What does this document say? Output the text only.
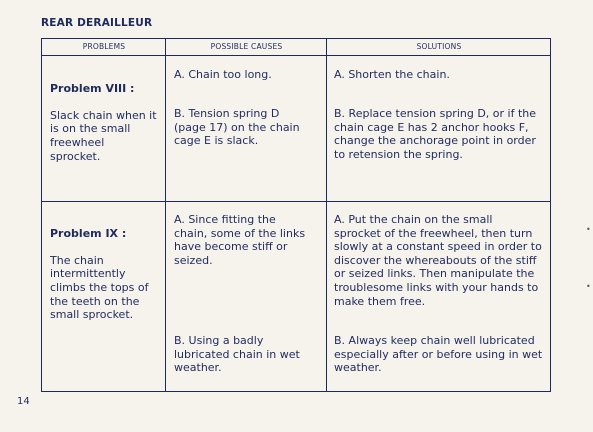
REAR DERAILLEUR
PROBLEMS	POSSIBLE CAUSES	SOLUTIONS

Problem VIII :

Slack chain when it
is on the small
freewheel
sprocket.

A. Chain too long.
B. Tension spring D
(page 17) on the chain
cage E is slack.
A. Shorten the chain.
B. Replace tension spring D, or if the
chain cage E has 2 anchor hooks F,
change the anchorage point in order
to retension the spring.

Problem IX :

The chain
intermittently
climbs the tops of
the teeth on the
small sprocket.

A. Since fitting the
chain, some of the links
have become stiff or
seized.
B. Using a badly
lubricated chain in wet
weather.
A. Put the chain on the small
sprocket of the freewheel, then turn
slowly at a constant speed in order to
discover the whereabouts of the stiff
or seized links. Then manipulate the
troublesome links with your hands to
make them free.
B. Always keep chain well lubricated
especially after or before using in wet
weather.
14
•
•
